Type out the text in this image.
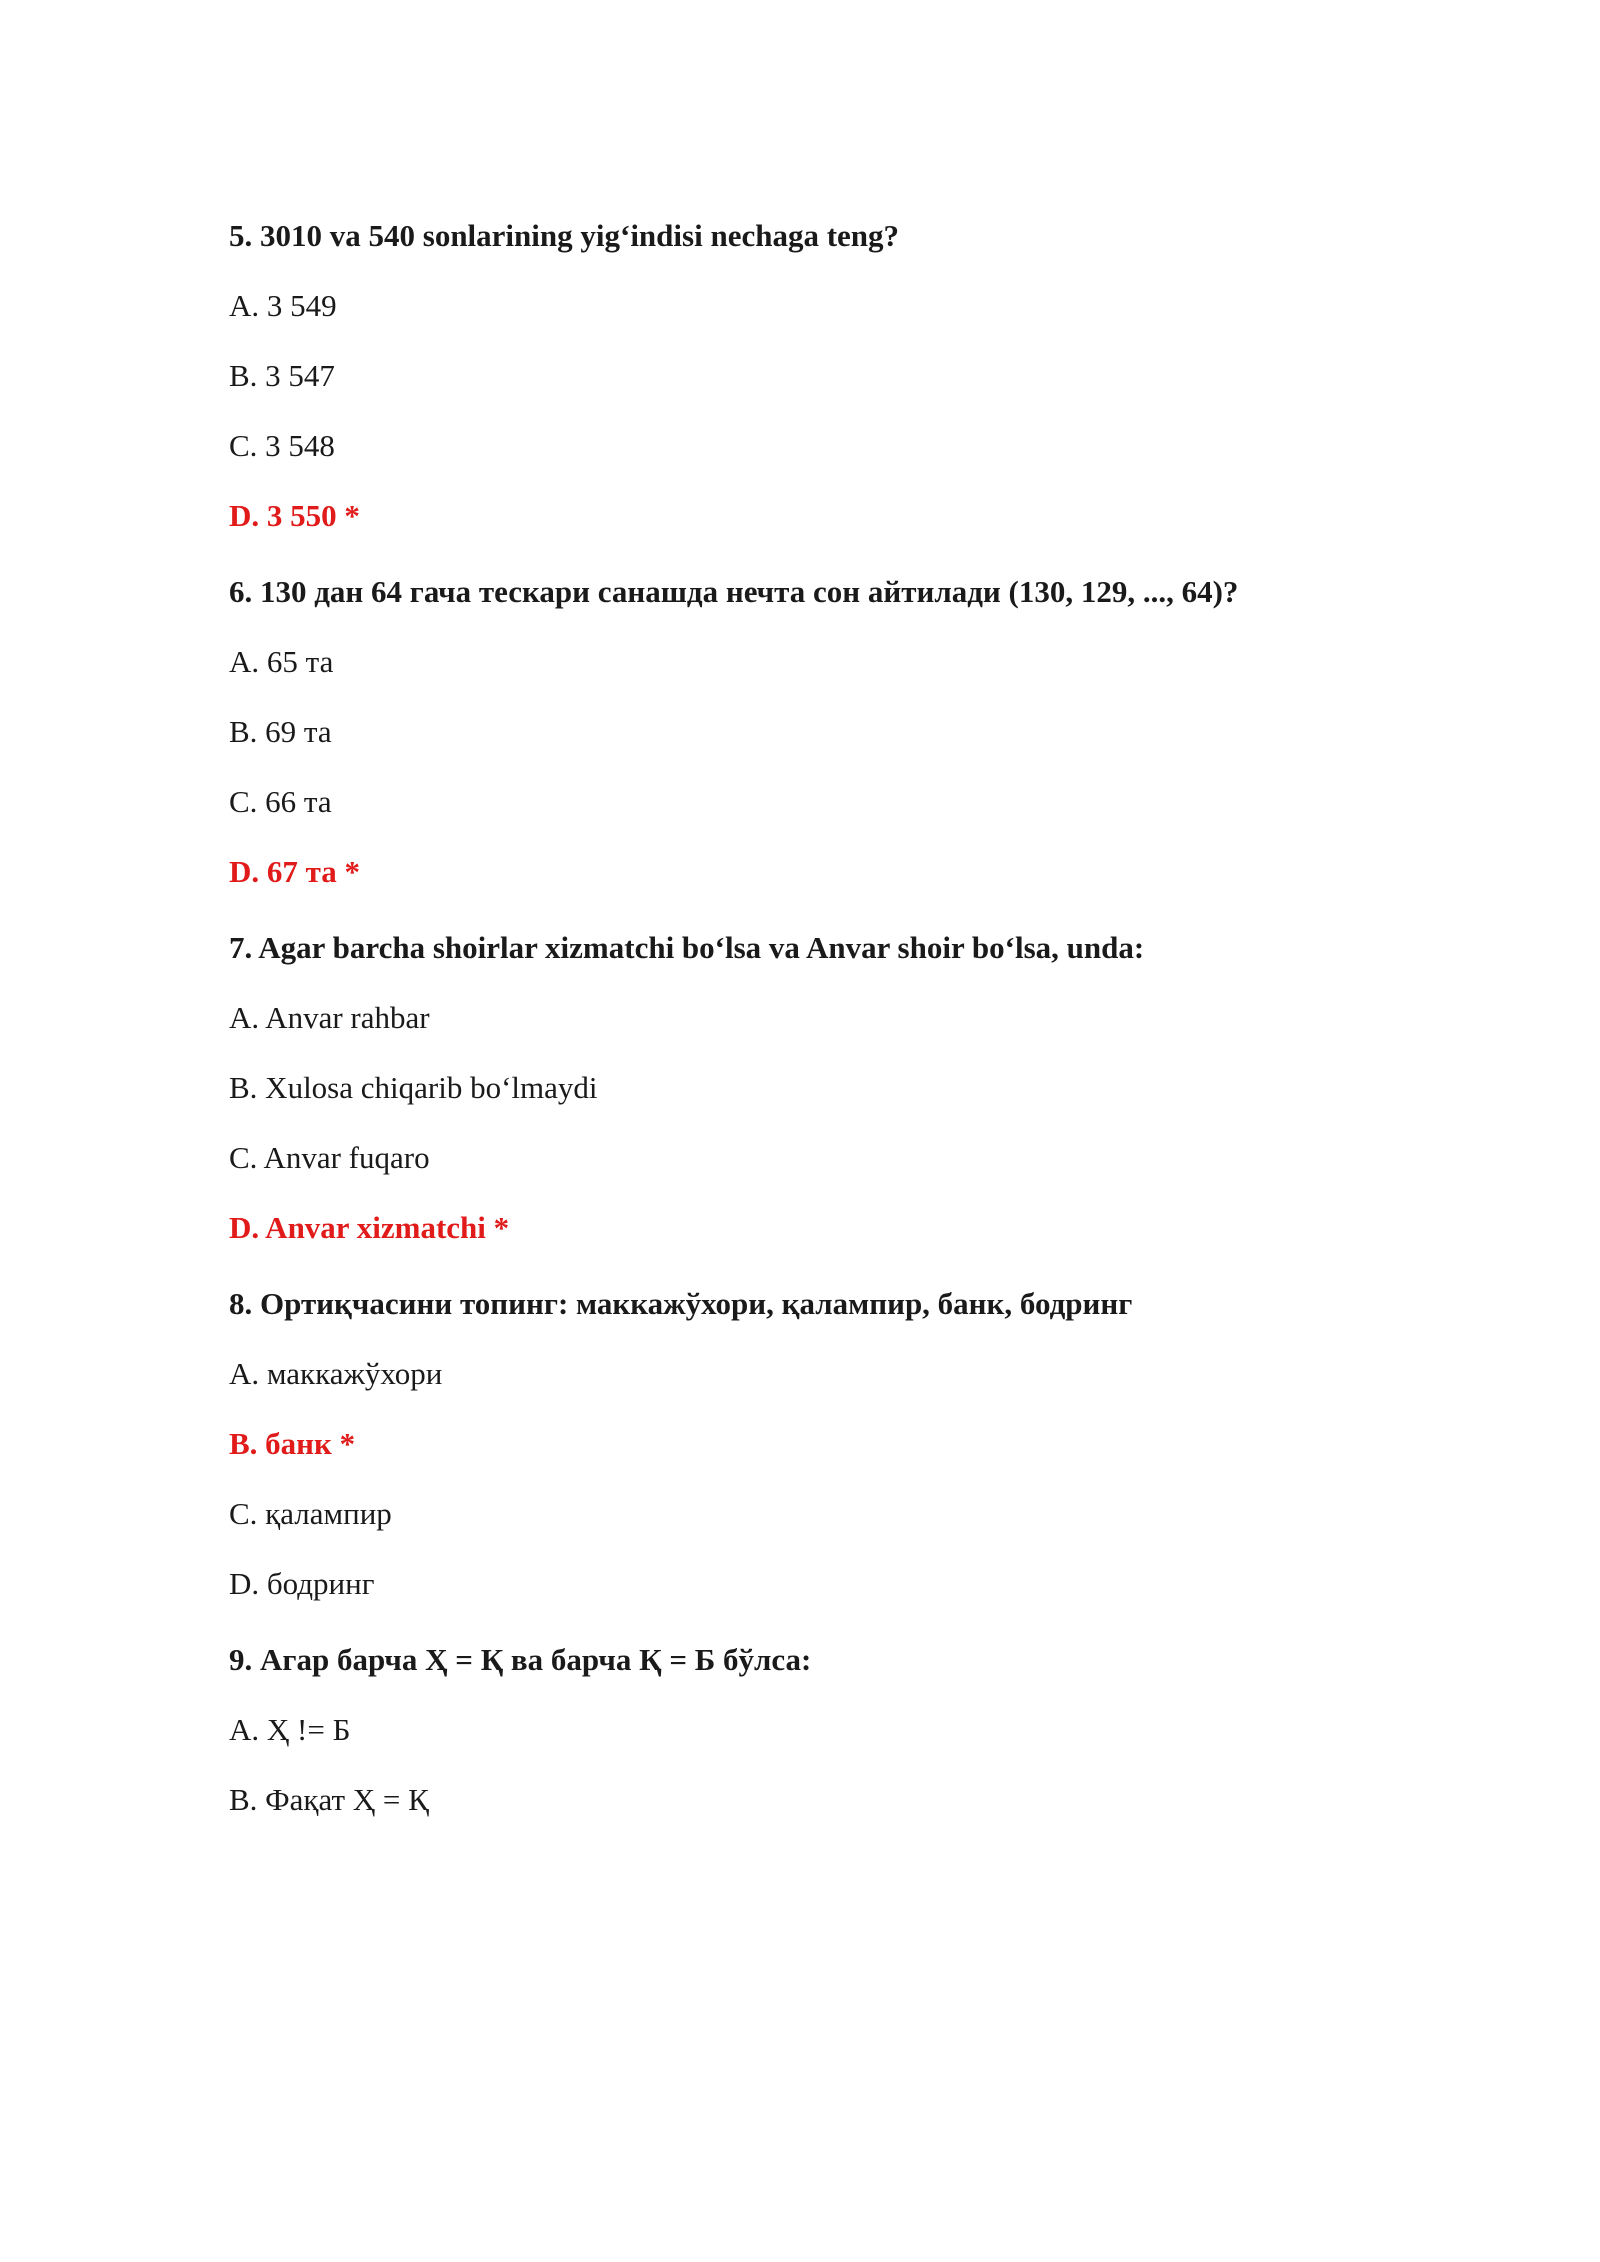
5. 3010 va 540 sonlarining yig‘indisi nechaga teng?
A. 3 549
B. 3 547
C. 3 548
D. 3 550 *
6. 130 дан 64 гача тескари санашда нечта сон айтилади (130, 129, ..., 64)?
A. 65 та
B. 69 та
C. 66 та
D. 67 та *
7. Agar barcha shoirlar xizmatchi bo‘lsa va Anvar shoir bo‘lsa, unda:
A. Anvar rahbar
B. Xulosa chiqarib bo‘lmaydi
C. Anvar fuqaro
D. Anvar xizmatchi *
8. Ортиқчасини топинг: маккажўхори, қалампир, банк, бодринг
A. маккажўхори
B. банк *
C. қалампир
D. бодринг
9. Агар барча Ҳ = Қ ва барча Қ = Б бўлса:
A. Ҳ != Б
B. Фақат Ҳ = Қ
